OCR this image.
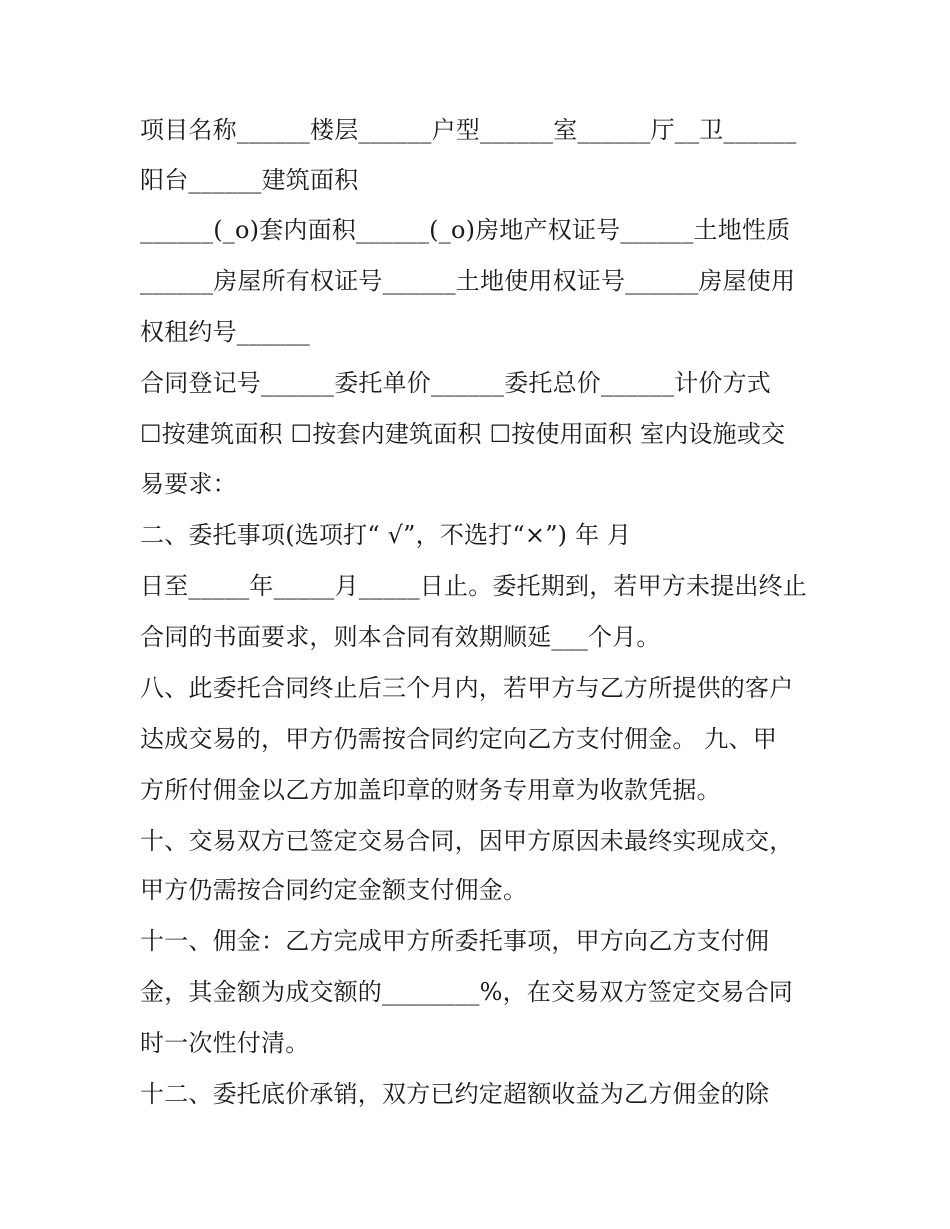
项目名称______楼层______户型______室______厅__卫______
阳台______建筑面积
______(_o)套内面积______(_o)房地产权证号______土地性质
______房屋所有权证号______土地使用权证号______房屋使用
权租约号______
合同登记号______委托单价______委托总价______计价方式
☐按建筑面积 ☐按套内建筑面积 ☐按使用面积 室内设施或交
易要求：
二、委托事项(选项打“ √”，不选打“×”) 年 月
日至_____年_____月_____日止。委托期到，若甲方未提出终止
合同的书面要求，则本合同有效期顺延___个月。
八、此委托合同终止后三个月内，若甲方与乙方所提供的客户
达成交易的，甲方仍需按合同约定向乙方支付佣金。 九、甲
方所付佣金以乙方加盖印章的财务专用章为收款凭据。
十、交易双方已签定交易合同，因甲方原因未最终实现成交，
甲方仍需按合同约定金额支付佣金。
十一、佣金：乙方完成甲方所委托事项，甲方向乙方支付佣
金，其金额为成交额的________%，在交易双方签定交易合同
时一次性付清。
十二、委托底价承销，双方已约定超额收益为乙方佣金的除
